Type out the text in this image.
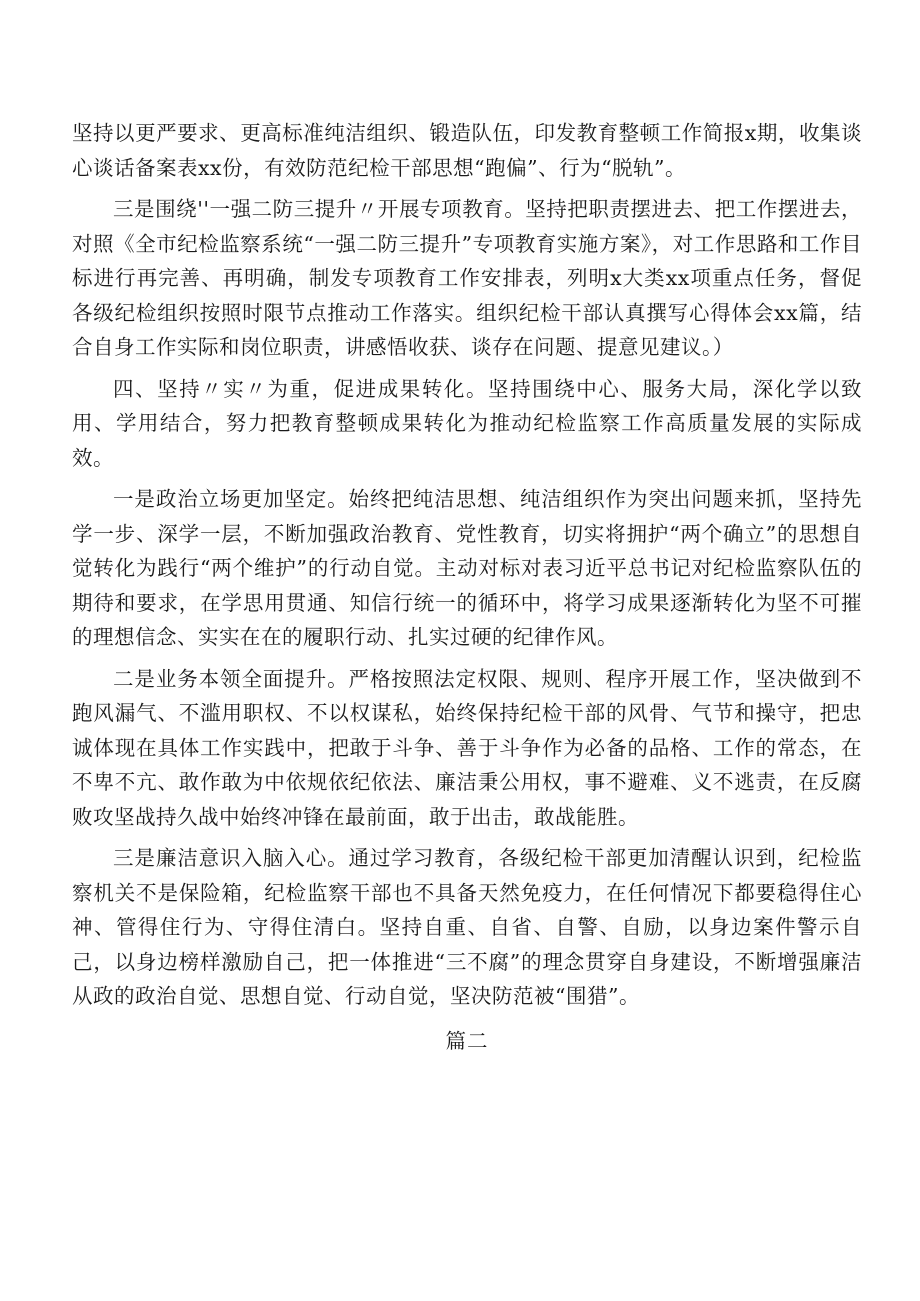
坚持以更严要求、更高标准纯洁组织、锻造队伍，印发教育整顿工作简报x期，收集谈心谈话备案表xx份，有效防范纪检干部思想“跑偏”、行为“脱轨”。

三是围绕''一强二防三提升〃开展专项教育。坚持把职责摆进去、把工作摆进去，对照《全市纪检监察系统“一强二防三提升”专项教育实施方案》，对工作思路和工作目标进行再完善、再明确，制发专项教育工作安排表，列明x大类xx项重点任务，督促各级纪检组织按照时限节点推动工作落实。组织纪检干部认真撰写心得体会xx篇，结合自身工作实际和岗位职责，讲感悟收获、谈存在问题、提意见建议。）

四、坚持〃实〃为重，促进成果转化。坚持围绕中心、服务大局，深化学以致用、学用结合，努力把教育整顿成果转化为推动纪检监察工作高质量发展的实际成效。

一是政治立场更加坚定。始终把纯洁思想、纯洁组织作为突出问题来抓，坚持先学一步、深学一层，不断加强政治教育、党性教育，切实将拥护“两个确立”的思想自觉转化为践行“两个维护”的行动自觉。主动对标对表习近平总书记对纪检监察队伍的期待和要求，在学思用贯通、知信行统一的循环中，将学习成果逐渐转化为坚不可摧的理想信念、实实在在的履职行动、扎实过硬的纪律作风。

二是业务本领全面提升。严格按照法定权限、规则、程序开展工作，坚决做到不跑风漏气、不滥用职权、不以权谋私，始终保持纪检干部的风骨、气节和操守，把忠诚体现在具体工作实践中，把敢于斗争、善于斗争作为必备的品格、工作的常态，在不卑不亢、敢作敢为中依规依纪依法、廉洁秉公用权，事不避难、义不逃责，在反腐败攻坚战持久战中始终冲锋在最前面，敢于出击，敢战能胜。

三是廉洁意识入脑入心。通过学习教育，各级纪检干部更加清醒认识到，纪检监察机关不是保险箱，纪检监察干部也不具备天然免疫力，在任何情况下都要稳得住心神、管得住行为、守得住清白。坚持自重、自省、自警、自励，以身边案件警示自己，以身边榜样激励自己，把一体推进“三不腐”的理念贯穿自身建设，不断增强廉洁从政的政治自觉、思想自觉、行动自觉，坚决防范被“围猎”。

篇二
